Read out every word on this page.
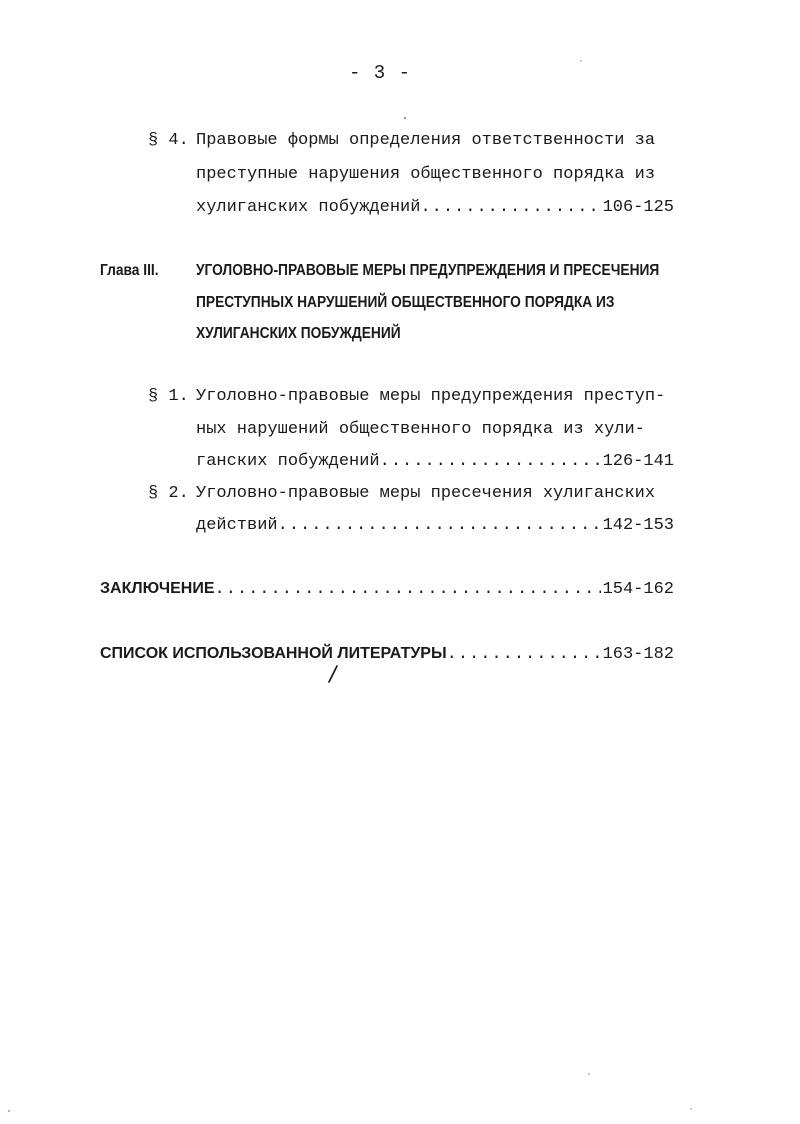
- 3 -
§ 4. Правовые формы определения ответственности за
преступные нарушения общественного порядка из
хулиганских побуждений .....	106-125
Глава III. УГОЛОВНО-ПРАВОВЫЕ МЕРЫ ПРЕДУПРЕЖДЕНИЯ И ПРЕСЕЧЕНИЯ
ПРЕСТУПНЫХ НАРУШЕНИЙ ОБЩЕСТВЕННОГО ПОРЯДКА ИЗ
ХУЛИГАНСКИХ ПОБУЖДЕНИЙ
§ 1. Уголовно-правовые меры предупреждения преступ-
ных нарушений общественного порядка из хули-
ганских побуждений .....	126-141
§ 2. Уголовно-правовые меры пресечения хулиганских
действий .....	142-153
ЗАКЛЮЧЕНИЕ .....	154-162
СПИСОК ИСПОЛЬЗОВАННОЙ ЛИТЕРАТУРЫ .....	163-182
